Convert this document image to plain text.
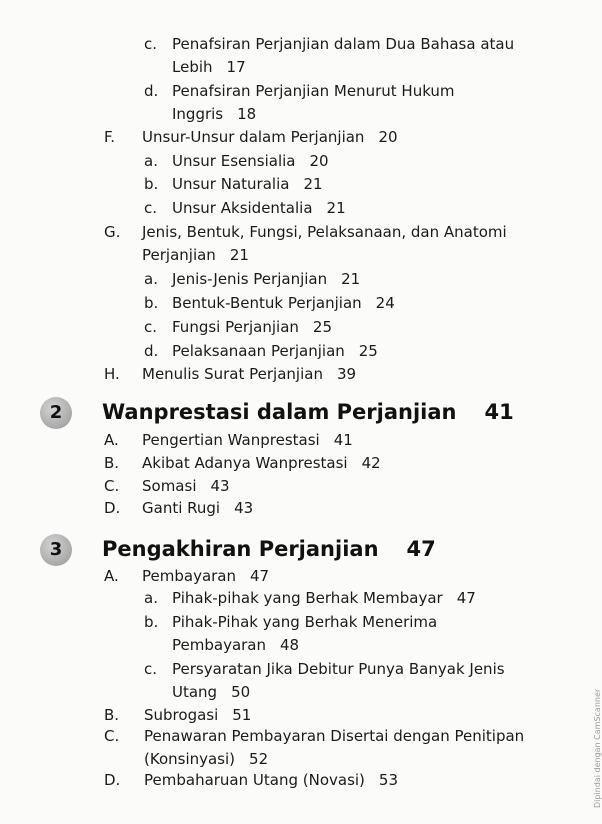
c. Penafsiran Perjanjian dalam Dua Bahasa atau
Lebih 17
d. Penafsiran Perjanjian Menurut Hukum
Inggris 18
F. Unsur-Unsur dalam Perjanjian 20
a. Unsur Esensialia 20
b. Unsur Naturalia 21
c. Unsur Aksidentalia 21
G. Jenis, Bentuk, Fungsi, Pelaksanaan, dan Anatomi
Perjanjian 21
a. Jenis-Jenis Perjanjian 21
b. Bentuk-Bentuk Perjanjian 24
c. Fungsi Perjanjian 25
d. Pelaksanaan Perjanjian 25
H. Menulis Surat Perjanjian 39
2	Wanprestasi dalam Perjanjian 41
A. Pengertian Wanprestasi 41
B. Akibat Adanya Wanprestasi 42
C. Somasi 43
D. Ganti Rugi 43
3	Pengakhiran Perjanjian 47
A. Pembayaran 47
a. Pihak-pihak yang Berhak Membayar 47
b. Pihak-Pihak yang Berhak Menerima
Pembayaran 48
c. Persyaratan Jika Debitur Punya Banyak Jenis
Utang 50
B. Subrogasi 51
C. Penawaran Pembayaran Disertai dengan Penitipan
(Konsinyasi) 52
D. Pembaharuan Utang (Novasi) 53	Dipindai dengan CamScanner
